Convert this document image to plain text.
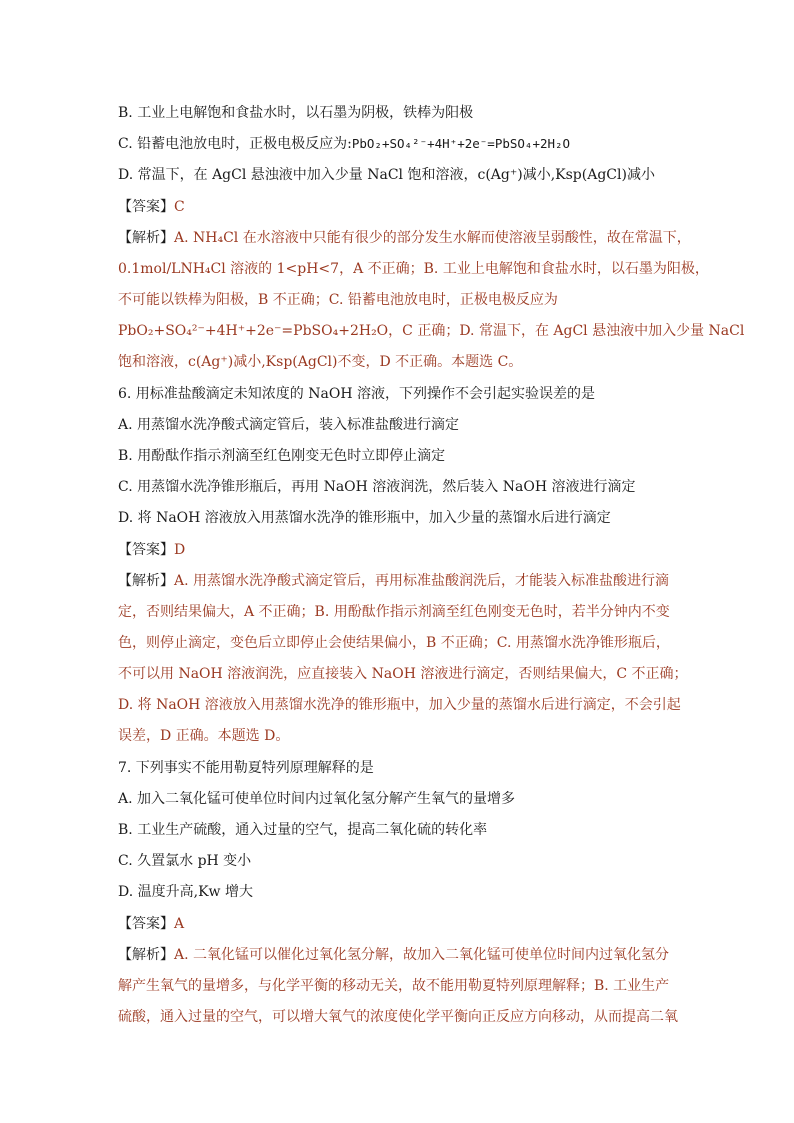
B. 工业上电解饱和食盐水时，以石墨为阴极，铁棒为阳极
C. 铅蓄电池放电时，正极电极反应为:PbO₂+SO₄²⁻+4H⁺+2e⁻=PbSO₄+2H₂O
D. 常温下，在 AgCl 悬浊液中加入少量 NaCl 饱和溶液，c(Ag⁺)减小,Ksp(AgCl)减小
【答案】C
【解析】A. NH₄Cl 在水溶液中只能有很少的部分发生水解而使溶液呈弱酸性，故在常温下，
0.1mol/LNH₄Cl 溶液的 1<pH<7，A 不正确；B. 工业上电解饱和食盐水时，以石墨为阳极，
不可能以铁棒为阳极，B 不正确；C. 铅蓄电池放电时，正极电极反应为
PbO₂+SO₄²⁻+4H⁺+2e⁻=PbSO₄+2H₂O，C 正确；D. 常温下，在 AgCl 悬浊液中加入少量 NaCl
饱和溶液，c(Ag⁺)减小,Ksp(AgCl)不变，D 不正确。本题选 C。
6. 用标准盐酸滴定未知浓度的 NaOH 溶液，下列操作不会引起实验误差的是
A. 用蒸馏水洗净酸式滴定管后，装入标准盐酸进行滴定
B. 用酚酞作指示剂滴至红色刚变无色时立即停止滴定
C. 用蒸馏水洗净锥形瓶后，再用 NaOH 溶液润洗，然后装入 NaOH 溶液进行滴定
D. 将 NaOH 溶液放入用蒸馏水洗净的锥形瓶中，加入少量的蒸馏水后进行滴定
【答案】D
【解析】A. 用蒸馏水洗净酸式滴定管后，再用标准盐酸润洗后，才能装入标准盐酸进行滴
定，否则结果偏大，A 不正确；B. 用酚酞作指示剂滴至红色刚变无色时，若半分钟内不变
色，则停止滴定，变色后立即停止会使结果偏小，B 不正确；C. 用蒸馏水洗净锥形瓶后，
不可以用 NaOH 溶液润洗，应直接装入 NaOH 溶液进行滴定，否则结果偏大，C 不正确；
D. 将 NaOH 溶液放入用蒸馏水洗净的锥形瓶中，加入少量的蒸馏水后进行滴定，不会引起
误差，D 正确。本题选 D。
7. 下列事实不能用勒夏特列原理解释的是
A. 加入二氧化锰可使单位时间内过氧化氢分解产生氧气的量增多
B. 工业生产硫酸，通入过量的空气，提高二氧化硫的转化率
C. 久置氯水 pH 变小
D. 温度升高,Kw 增大
【答案】A
【解析】A. 二氧化锰可以催化过氧化氢分解，故加入二氧化锰可使单位时间内过氧化氢分
解产生氧气的量增多，与化学平衡的移动无关，故不能用勒夏特列原理解释；B. 工业生产
硫酸，通入过量的空气，可以增大氧气的浓度使化学平衡向正反应方向移动，从而提高二氧
